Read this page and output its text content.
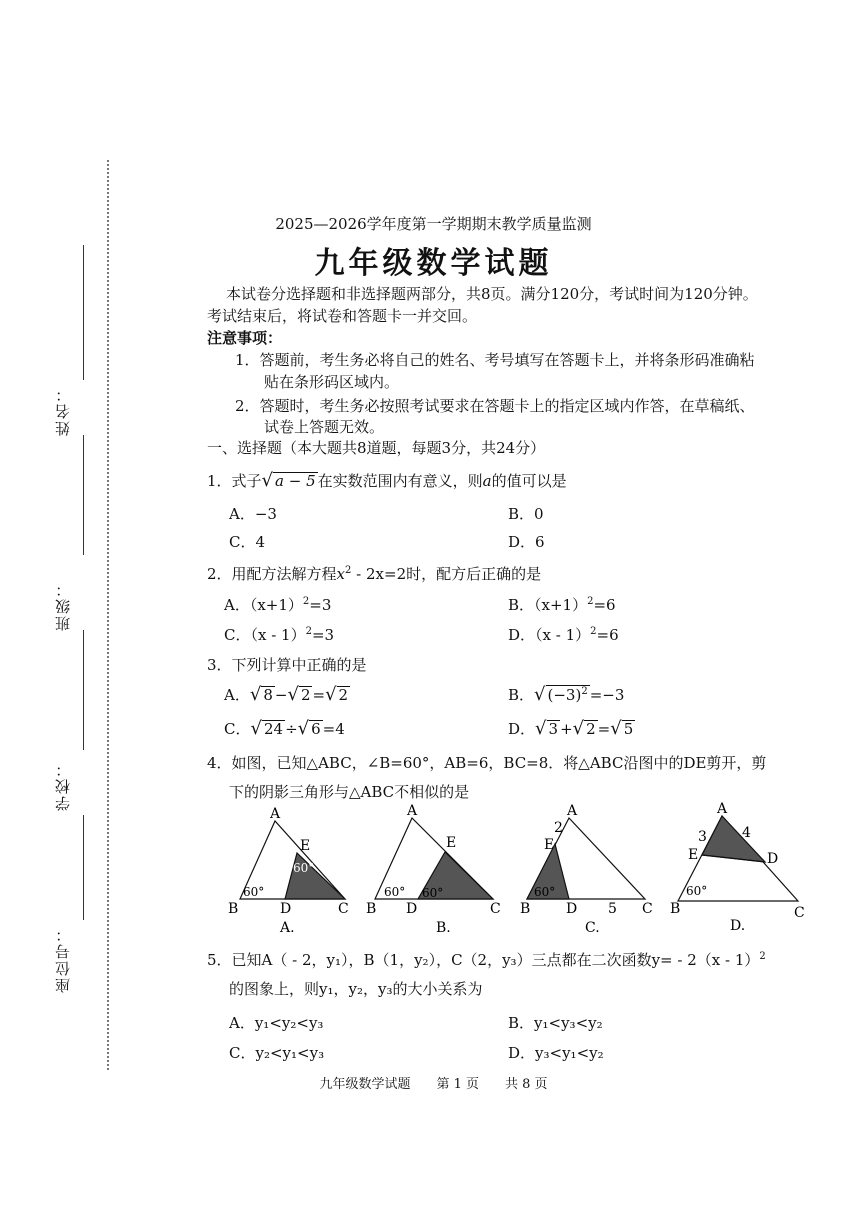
姓名：
班级：
学校：
座位号：
2025—2026学年度第一学期期末教学质量监测
九年级数学试题
本试卷分选择题和非选择题两部分，共8页。满分120分，考试时间为120分钟。
考试结束后，将试卷和答题卡一并交回。
注意事项：
1．答题前，考生务必将自己的姓名、考号填写在答题卡上，并将条形码准确粘
贴在条形码区域内。
2．答题时，考生务必按照考试要求在答题卡上的指定区域内作答，在草稿纸、
试卷上答题无效。
一、选择题（本大题共8道题，每题3分，共24分）
1．式子√ a − 5 在实数范围内有意义，则a的值可以是
A．−3	B．0
C．4	D．6
2．用配方法解方程$x^2 - 2x=2$时，配方后正确的是
A．$(x+1)^2=3$	B．$(x+1)^2=6$
C．（x - 1）$^2$=3	D．（x - 1）$^2$=6
3．下列计算中正确的是
A．√ 8 −√ 2 =√ 2	B．√ $(-3)^2 =-3$
C．√ 24 ÷√ 6 =4	D．√ 3 +√ 2 =√ 5
4．如图，已知△ABC，∠B=60°，AB=6，BC=8．将△ABC沿图中的DE剪开，剪
下的阴影三角形与△ABC不相似的是
A
B	C
D
E
60°
60°
A.
A
B	C
D
E
60° 60°
B.
A
B	C
D
E
2
5
60°
C.
A
B	C
D
E
3	4
60°
D.
5．已知A（ - 2，y₁），B（1，y₂），C（2，y₃）三点都在二次函数y= - 2（x - 1）$^2$
的图象上，则y₁，y₂，y₃的大小关系为
A．y₁<y₂<y₃	B．y₁<y₃<y₂
C．y₂<y₁<y₃	D．y₃<y₁<y₂
九年级数学试题　　第 1 页　　共 8 页
